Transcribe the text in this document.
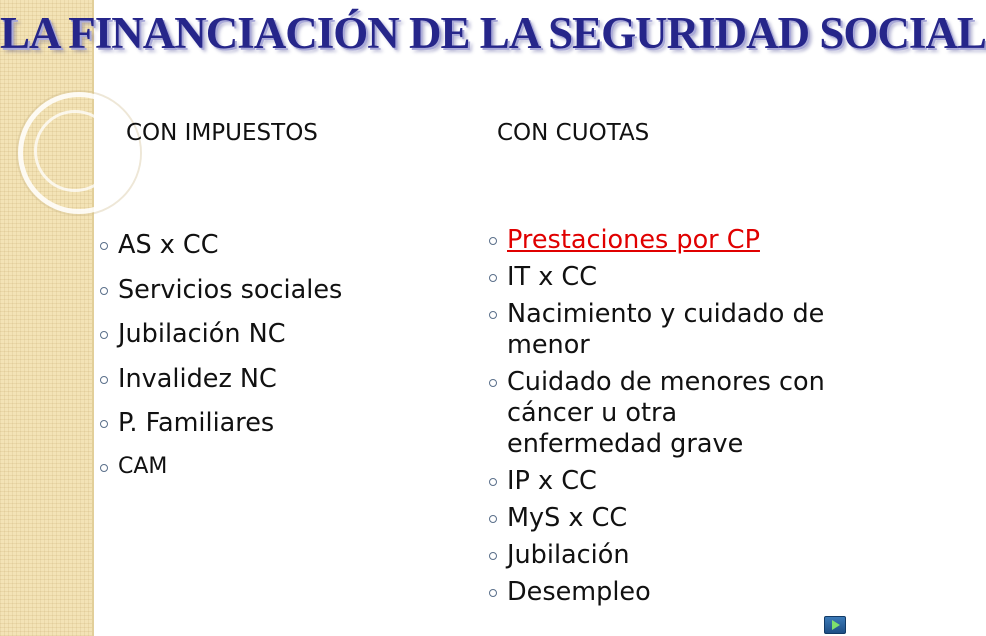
LA FINANCIACIÓN DE LA SEGURIDAD SOCIAL
CON IMPUESTOS	CON CUOTAS
AS x CC
Servicios sociales
Jubilación NC
Invalidez NC
P. Familiares
CAM
Prestaciones por CP
IT x CC
Nacimiento y cuidado de menor
Cuidado de menores con cáncer u otra enfermedad grave
IP x CC
MyS x CC
Jubilación
Desempleo
